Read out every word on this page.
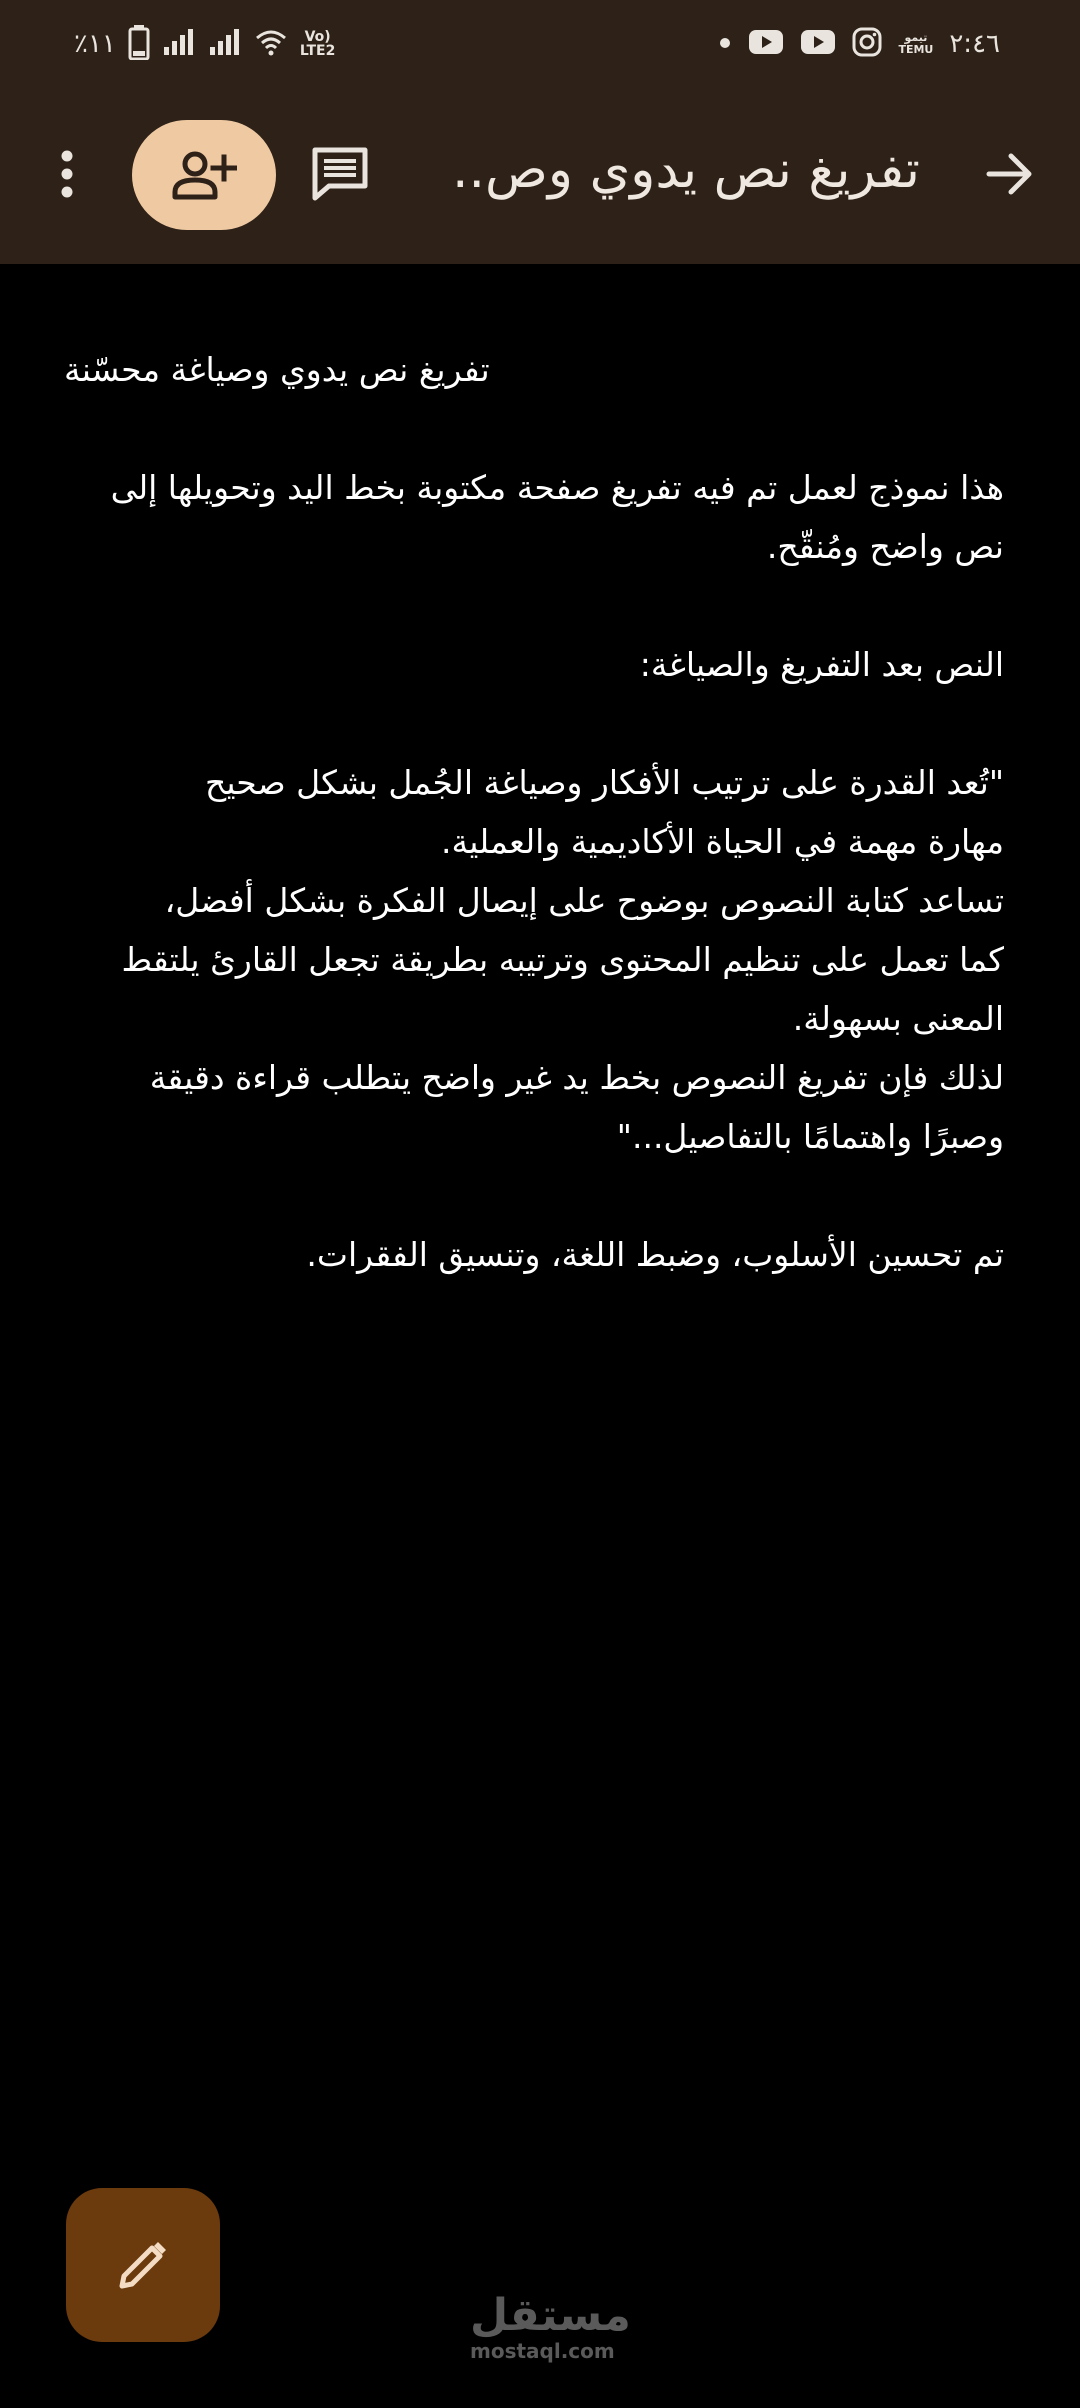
٪١١	Vo)
LTE2
تيمو
TEMU ٢:٤٦
تفريغ نص يدوي وص..

تفريغ نص يدوي وصياغة محسّنة

هذا نموذج لعمل تم فيه تفريغ صفحة مكتوبة بخط اليد وتحويلها إلى
نص واضح ومُنقّح.

النص بعد التفريغ والصياغة:

"تُعد القدرة على ترتيب الأفكار وصياغة الجُمل بشكل صحيح
مهارة مهمة في الحياة الأكاديمية والعملية.
تساعد كتابة النصوص بوضوح على إيصال الفكرة بشكل أفضل،
كما تعمل على تنظيم المحتوى وترتيبه بطريقة تجعل القارئ يلتقط
المعنى بسهولة.
لذلك فإن تفريغ النصوص بخط يد غير واضح يتطلب قراءة دقيقة
وصبرًا واهتمامًا بالتفاصيل..."

تم تحسين الأسلوب، وضبط اللغة، وتنسيق الفقرات.

مستقل
mostaql.com
